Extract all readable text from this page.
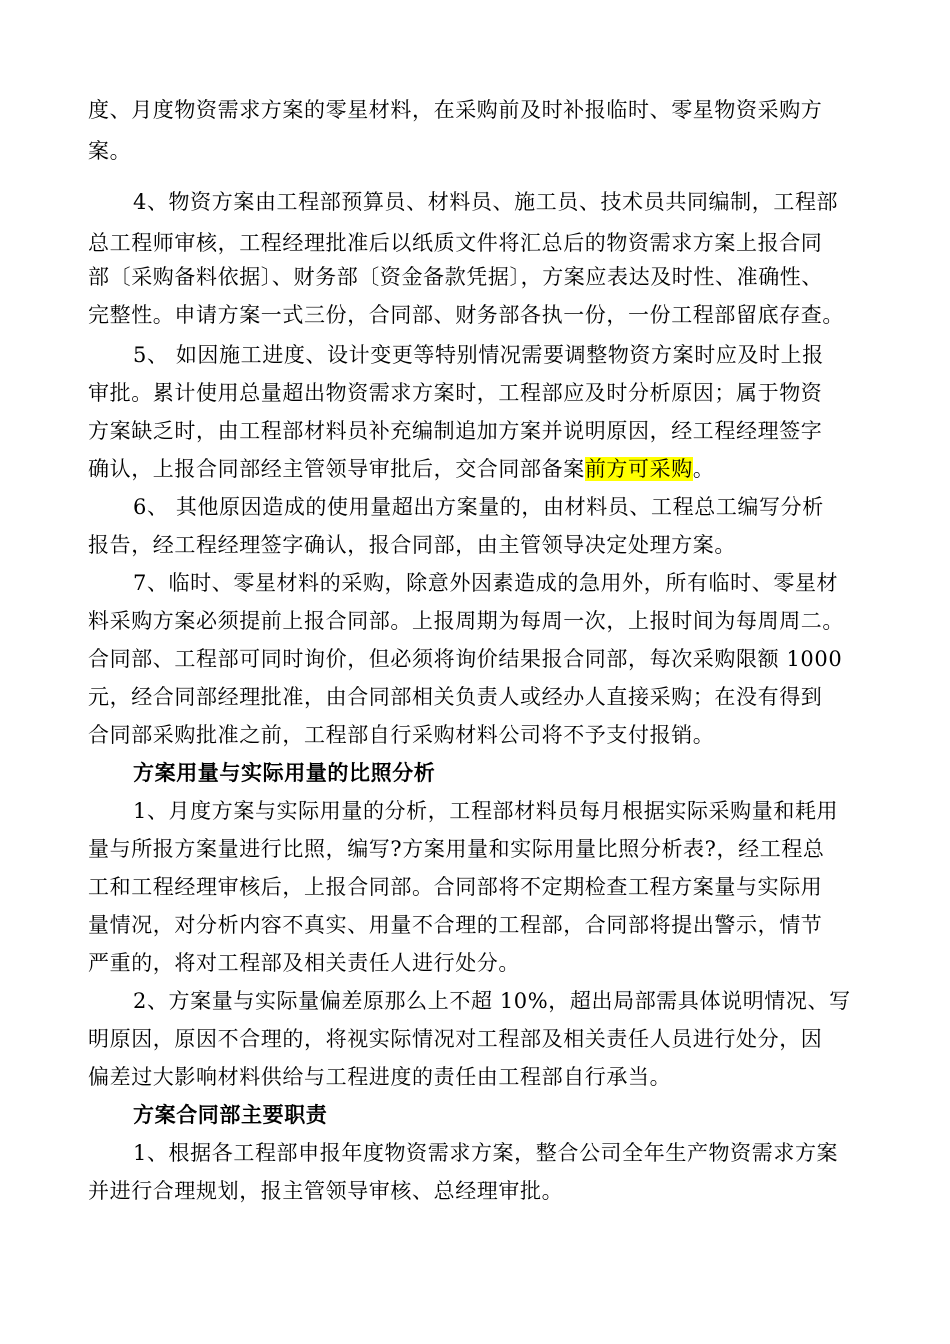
度、月度物资需求方案的零星材料，在采购前及时补报临时、零星物资采购方
案。
4、物资方案由工程部预算员、材料员、施工员、技术员共同编制，工程部
总工程师审核，工程经理批准后以纸质文件将汇总后的物资需求方案上报合同
部〔采购备料依据〕、财务部〔资金备款凭据〕，方案应表达及时性、准确性、
完整性。申请方案一式三份，合同部、财务部各执一份，一份工程部留底存查。
5、 如因施工进度、设计变更等特别情况需要调整物资方案时应及时上报
审批。累计使用总量超出物资需求方案时，工程部应及时分析原因；属于物资
方案缺乏时，由工程部材料员补充编制追加方案并说明原因，经工程经理签字
确认，上报合同部经主管领导审批后，交合同部备案前方可采购。
6、 其他原因造成的使用量超出方案量的，由材料员、工程总工编写分析
报告，经工程经理签字确认，报合同部，由主管领导决定处理方案。
7、临时、零星材料的采购，除意外因素造成的急用外，所有临时、零星材
料采购方案必须提前上报合同部。上报周期为每周一次，上报时间为每周周二。
合同部、工程部可同时询价，但必须将询价结果报合同部，每次采购限额 1000
元，经合同部经理批准，由合同部相关负责人或经办人直接采购；在没有得到
合同部采购批准之前，工程部自行采购材料公司将不予支付报销。
方案用量与实际用量的比照分析
1、月度方案与实际用量的分析，工程部材料员每月根据实际采购量和耗用
量与所报方案量进行比照，编写?方案用量和实际用量比照分析表?，经工程总
工和工程经理审核后，上报合同部。合同部将不定期检查工程方案量与实际用
量情况，对分析内容不真实、用量不合理的工程部，合同部将提出警示，情节
严重的，将对工程部及相关责任人进行处分。
2、方案量与实际量偏差原那么上不超 10%，超出局部需具体说明情况、写
明原因，原因不合理的，将视实际情况对工程部及相关责任人员进行处分，因
偏差过大影响材料供给与工程进度的责任由工程部自行承当。
方案合同部主要职责
1、根据各工程部申报年度物资需求方案，整合公司全年生产物资需求方案
并进行合理规划，报主管领导审核、总经理审批。
